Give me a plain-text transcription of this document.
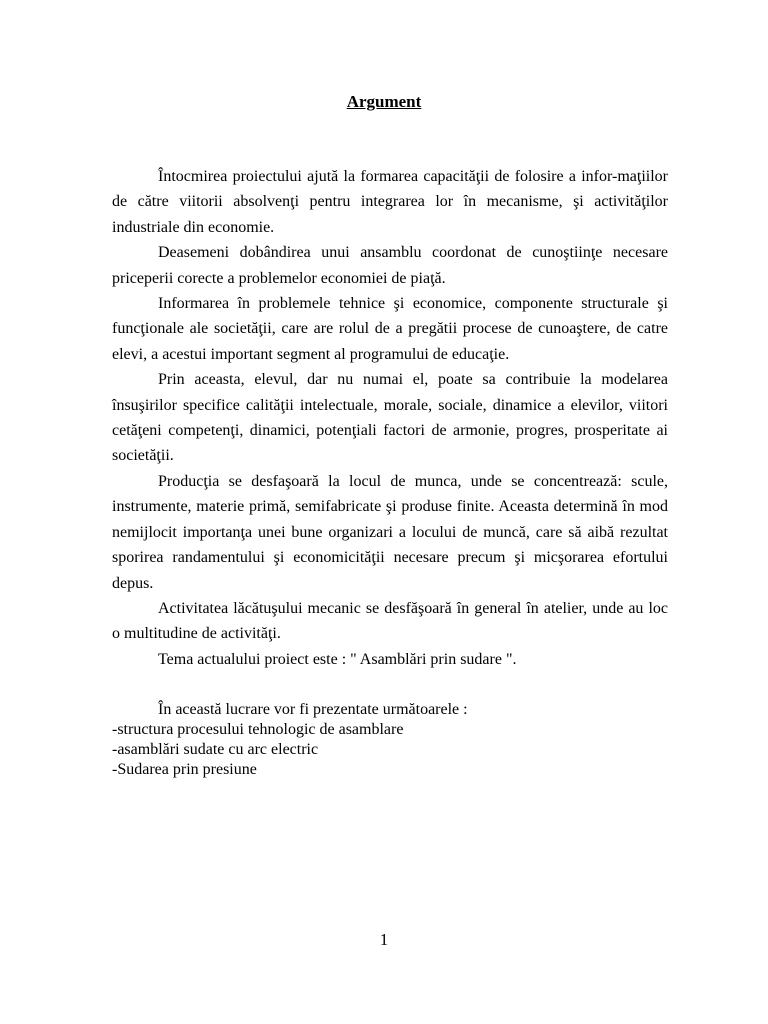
Argument

Întocmirea proiectului ajută la formarea capacităţii de folosire a infor-maţiilor de către viitorii absolvenţi pentru integrarea lor în mecanisme, şi activităţilor industriale din economie.

Deasemeni dobândirea unui ansamblu coordonat de cunoştiinţe necesare priceperii corecte a problemelor economiei de piaţă.

Informarea în problemele tehnice şi economice, componente structurale şi funcţionale ale societăţii, care are rolul de a pregătii procese de cunoaştere, de catre elevi, a acestui important segment al programului de educaţie.

Prin aceasta, elevul, dar nu numai el, poate sa contribuie la modelarea însuşirilor specifice calităţii intelectuale, morale, sociale, dinamice a elevilor, viitori cetăţeni competenţi, dinamici, potenţiali factori de armonie, progres, prosperitate ai societăţii.

Producţia se desfaşoară la locul de munca, unde se concentrează: scule, instrumente, materie primă, semifabricate şi produse finite. Aceasta determină în mod nemijlocit importanţa unei bune organizari a locului de muncă, care să aibă rezultat sporirea randamentului şi economicităţii necesare precum şi micşorarea efortului depus.

Activitatea lăcătuşului mecanic se desfăşoară în general în atelier, unde au loc o multitudine de activităţi.

Tema actualului proiect este : " Asamblări prin sudare ".

În această lucrare vor fi prezentate următoarele :

-structura procesului tehnologic de asamblare

-asamblări sudate cu arc electric

-Sudarea prin presiune

1
